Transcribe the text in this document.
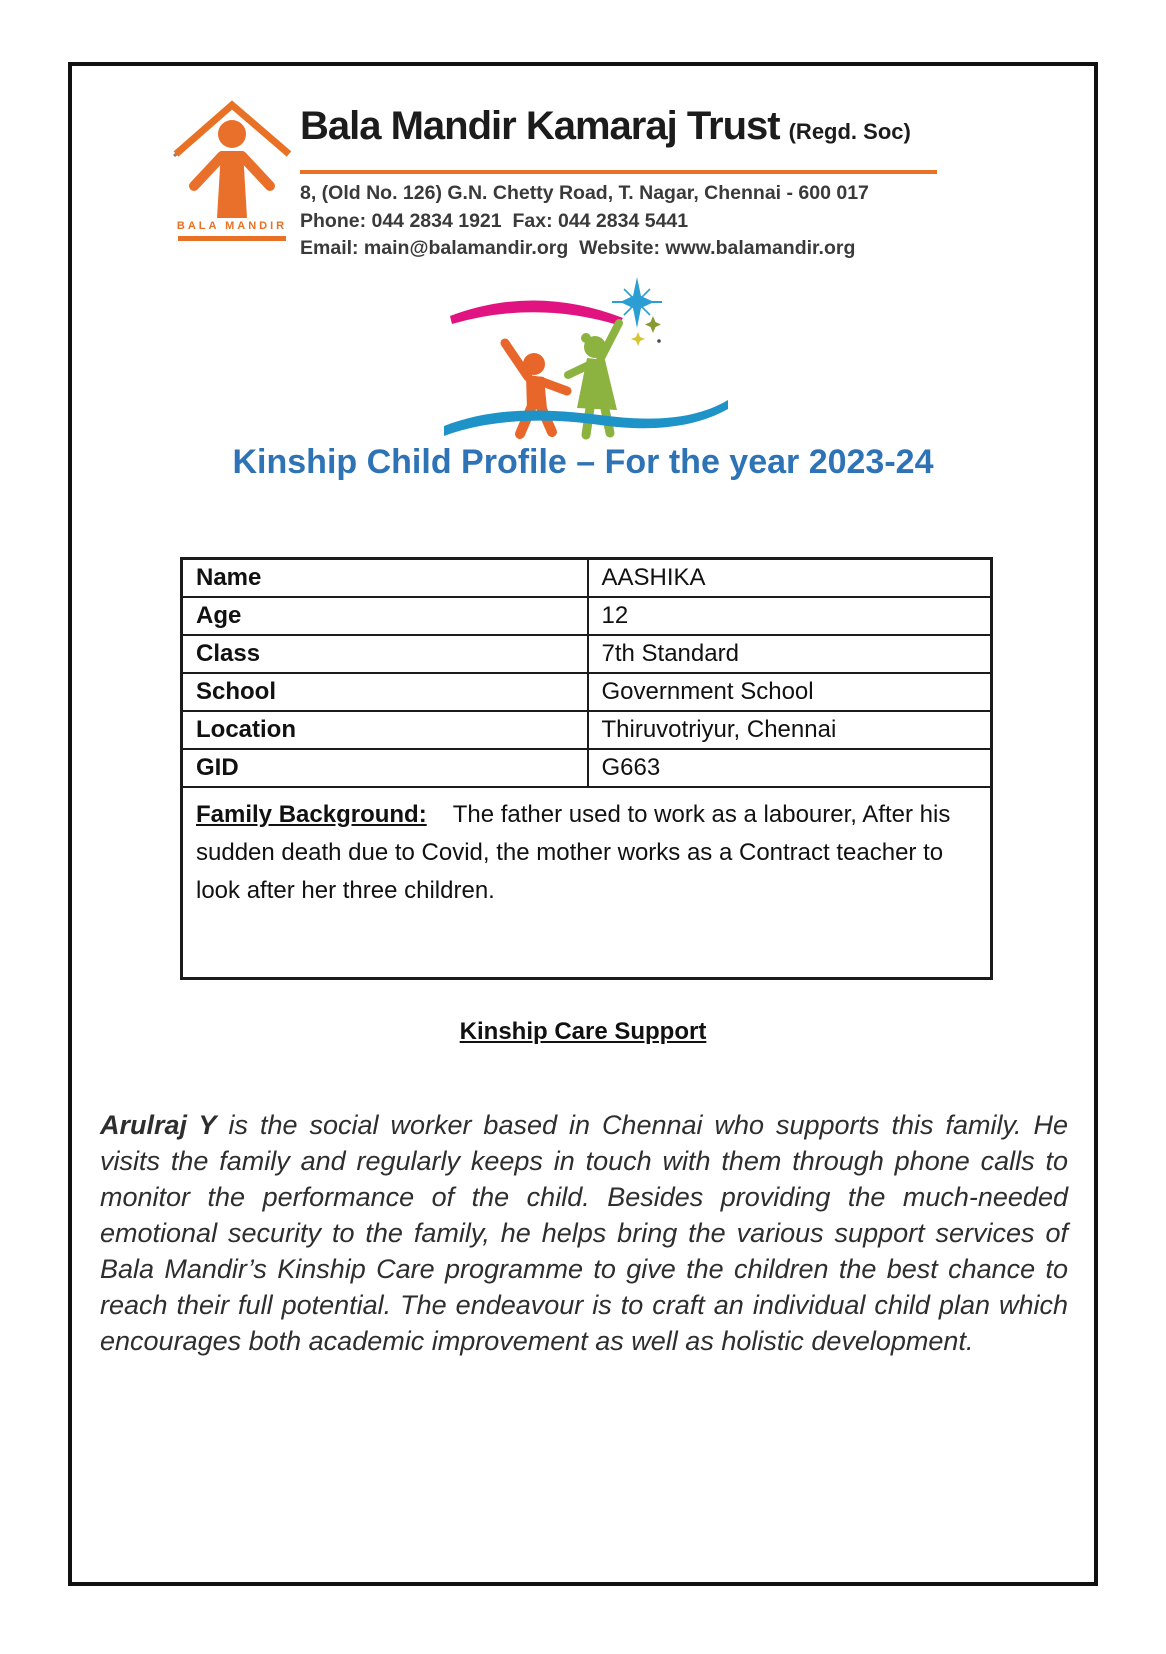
BALA MANDIR
Bala Mandir Kamaraj Trust (Regd. Soc)
8, (Old No. 126) G.N. Chetty Road, T. Nagar, Chennai - 600 017
Phone: 044 2834 1921  Fax: 044 2834 5441
Email: main@balamandir.org  Website: www.balamandir.org
Kinship Child Profile – For the year 2023-24
Name	AASHIKA
Age	12
Class	7th Standard
School	Government School
Location	Thiruvotriyur, Chennai
GID	G663
Family Background: The father used to work as a labourer, After his sudden death due to Covid, the mother works as a Contract teacher to look after her three children.	
Kinship Care Support

Arulraj Y is the social worker based in Chennai who supports this family. He visits the family and regularly keeps in touch with them through phone calls to monitor the performance of the child. Besides providing the much-needed emotional security to the family, he helps bring the various support services of Bala Mandir’s Kinship Care programme to give the children the best chance to reach their full potential. The endeavour is to craft an individual child plan which encourages both academic improvement as well as holistic development.
